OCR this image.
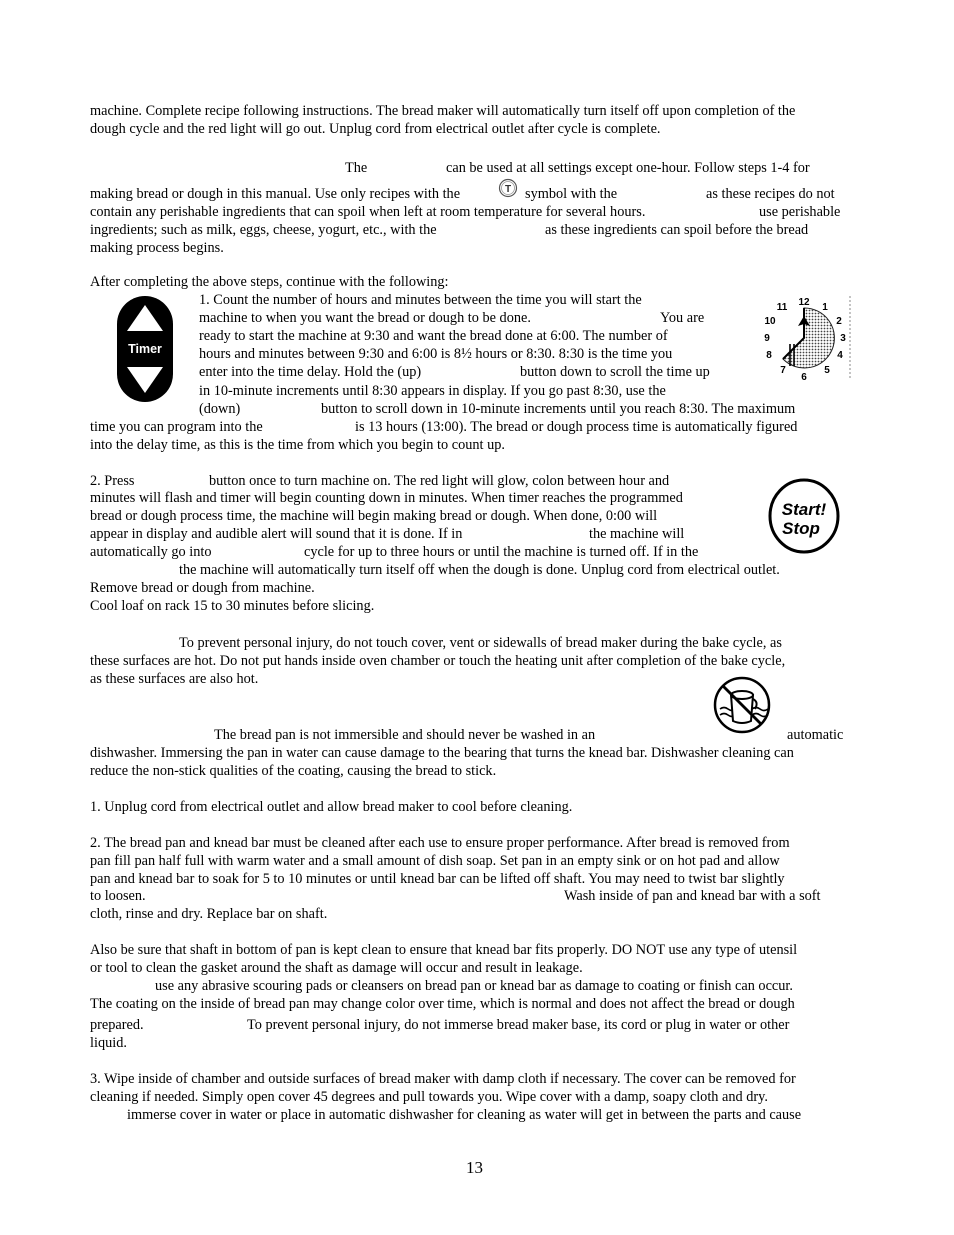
machine. Complete recipe following instructions. The bread maker will automatically turn itself off upon completion of the
dough cycle and the red light will go out. Unplug cord from electrical outlet after cycle is complete.
The	can be used at all settings except one-hour. Follow steps 1-4 for
making bread or dough in this manual. Use only recipes with the	symbol with the	as these recipes do not
contain any perishable ingredients that can spoil when left at room temperature for several hours.	use perishable
ingredients; such as milk, eggs, cheese, yogurt, etc., with the	as these ingredients can spoil before the bread
making process begins.
T
After completing the above steps, continue with the following:
1. Count the number of hours and minutes between the time you will start the
machine to when you want the bread or dough to be done.	You are
ready to start the machine at 9:30 and want the bread done at 6:00. The number of
hours and minutes between 9:30 and 6:00 is 8½ hours or 8:30. 8:30 is the time you
enter into the time delay. Hold the (up)	button down to scroll the time up
in 10-minute increments until 8:30 appears in display. If you go past 8:30, use the
(down)	button to scroll down in 10-minute increments until you reach 8:30. The maximum
time you can program into the	is 13 hours (13:00). The bread or dough process time is automatically figured
into the delay time, as this is the time from which you begin to count up.
Timer
12 1
2
3
4
5
6
7
8
9
10
11
2. Press	button once to turn machine on. The red light will glow, colon between hour and
minutes will flash and timer will begin counting down in minutes. When timer reaches the programmed
bread or dough process time, the machine will begin making bread or dough. When done, 0:00 will
appear in display and audible alert will sound that it is done. If in	the machine will
automatically go into	cycle for up to three hours or until the machine is turned off. If in the
the machine will automatically turn itself off when the dough is done. Unplug cord from electrical outlet.
Remove bread or dough from machine.
Cool loaf on rack 15 to 30 minutes before slicing.
Start!
Stop
To prevent personal injury, do not touch cover, vent or sidewalls of bread maker during the bake cycle, as
these surfaces are hot. Do not put hands inside oven chamber or touch the heating unit after completion of the bake cycle,
as these surfaces are also hot.
The bread pan is not immersible and should never be washed in an	automatic
dishwasher. Immersing the pan in water can cause damage to the bearing that turns the knead bar. Dishwasher cleaning can
reduce the non-stick qualities of the coating, causing the bread to stick.
1. Unplug cord from electrical outlet and allow bread maker to cool before cleaning.
2. The bread pan and knead bar must be cleaned after each use to ensure proper performance. After bread is removed from
pan fill pan half full with warm water and a small amount of dish soap. Set pan in an empty sink or on hot pad and allow
pan and knead bar to soak for 5 to 10 minutes or until knead bar can be lifted off shaft. You may need to twist bar slightly
to loosen.	Wash inside of pan and knead bar with a soft
cloth, rinse and dry. Replace bar on shaft.
Also be sure that shaft in bottom of pan is kept clean to ensure that knead bar fits properly. DO NOT use any type of utensil
or tool to clean the gasket around the shaft as damage will occur and result in leakage.
use any abrasive scouring pads or cleansers on bread pan or knead bar as damage to coating or finish can occur.
The coating on the inside of bread pan may change color over time, which is normal and does not affect the bread or dough
prepared.	To prevent personal injury, do not immerse bread maker base, its cord or plug in water or other
liquid.
3. Wipe inside of chamber and outside surfaces of bread maker with damp cloth if necessary. The cover can be removed for
cleaning if needed. Simply open cover 45 degrees and pull towards you. Wipe cover with a damp, soapy cloth and dry.
immerse cover in water or place in automatic dishwasher for cleaning as water will get in between the parts and cause
13
